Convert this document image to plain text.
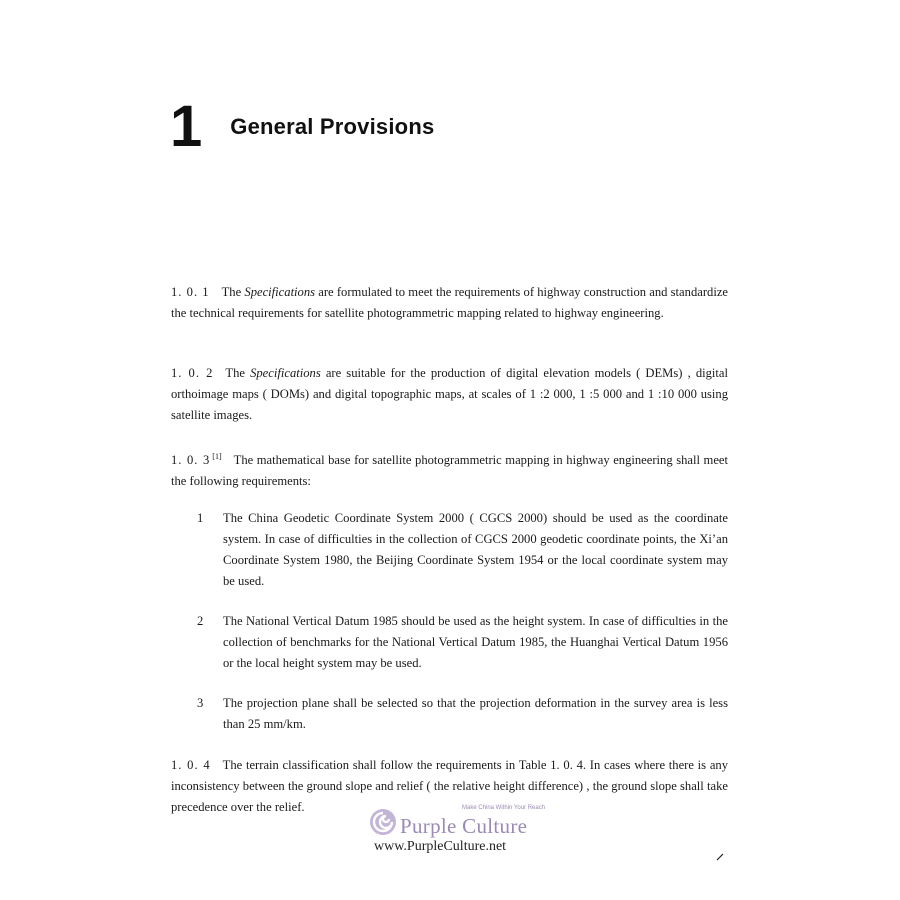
1 General Provisions

1. 0. 1 The Specifications are formulated to meet the requirements of highway construction and standardize the technical requirements for satellite photogrammetric mapping related to highway engineering.

1. 0. 2 The Specifications are suitable for the production of digital elevation models ( DEMs) , digital orthoimage maps ( DOMs) and digital topographic maps, at scales of 1 :2 000, 1 :5 000 and 1 :10 000 using satellite images.

1. 0. 3 [1] The mathematical base for satellite photogrammetric mapping in highway engineering shall meet the following requirements:

1	The China Geodetic Coordinate System 2000 ( CGCS 2000) should be used as the coordinate system. In case of difficulties in the collection of CGCS 2000 geodetic coordinate points, the Xi’an Coordinate System 1980, the Beijing Coordinate System 1954 or the local coordinate system may be used.
2	The National Vertical Datum 1985 should be used as the height system. In case of difficulties in the collection of benchmarks for the National Vertical Datum 1985, the Huanghai Vertical Datum 1956 or the local height system may be used.
3	The projection plane shall be selected so that the projection deformation in the survey area is less than 25 mm/km.

1. 0. 4 The terrain classification shall follow the requirements in Table 1. 0. 4. In cases where there is any inconsistency between the ground slope and relief ( the relative height difference) , the ground slope shall take precedence over the relief.	Make China Within Your Reach
Purple Culture
www.PurpleCulture.net
